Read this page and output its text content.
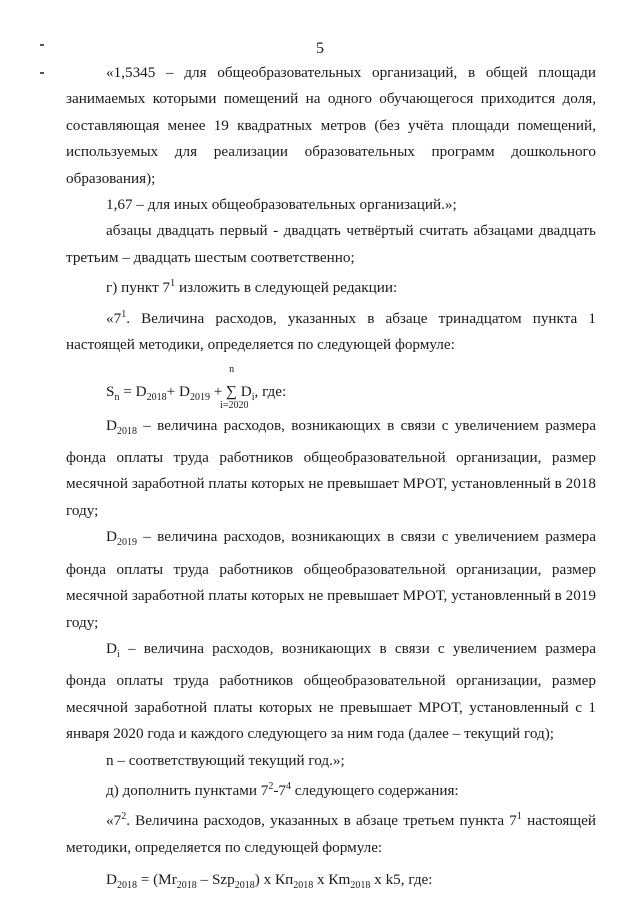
5

«1,5345 – для общеобразовательных организаций, в общей площади занимаемых которыми помещений на одного обучающегося приходится доля, составляющая менее 19 квадратных метров (без учёта площади помещений, используемых для реализации образовательных программ дошкольного образования);

1,67 – для иных общеобразовательных организаций.»;

абзацы двадцать первый - двадцать четвёртый считать абзацами двадцать третьим – двадцать шестым соответственно;

г) пункт $7^1$ изложить в следующей редакции:

«$7^1$. Величина расходов, указанных в абзаце тринадцатом пункта 1 настоящей методики, определяется по следующей формуле:

$S_n = D_{2018}+ D_{2019}$ +
n
∑
i=2020
$D_i$, где:

$D_{2018}$ – величина расходов, возникающих в связи с увеличением размера фонда оплаты труда работников общеобразовательной организации, размер месячной заработной платы которых не превышает МРОТ, установленный в 2018 году;

$D_{2019}$ – величина расходов, возникающих в связи с увеличением размера фонда оплаты труда работников общеобразовательной организации, размер месячной заработной платы которых не превышает МРОТ, установленный в 2019 году;

$D_i$ – величина расходов, возникающих в связи с увеличением размера фонда оплаты труда работников общеобразовательной организации, размер месячной заработной платы которых не превышает МРОТ, установленный с 1 января 2020 года и каждого следующего за ним года (далее – текущий год);

n – соответствующий текущий год.»;

д) дополнить пунктами $7^2-7^4$ следующего содержания:

«$7^2$. Величина расходов, указанных в абзаце третьем пункта $7^1$ настоящей методики, определяется по следующей формуле:

$D_{2018} = (Mr_{2018} - Szp_{2018})$ х $Кп_{2018}$ х $Кm_{2018}$ х k5, где:
